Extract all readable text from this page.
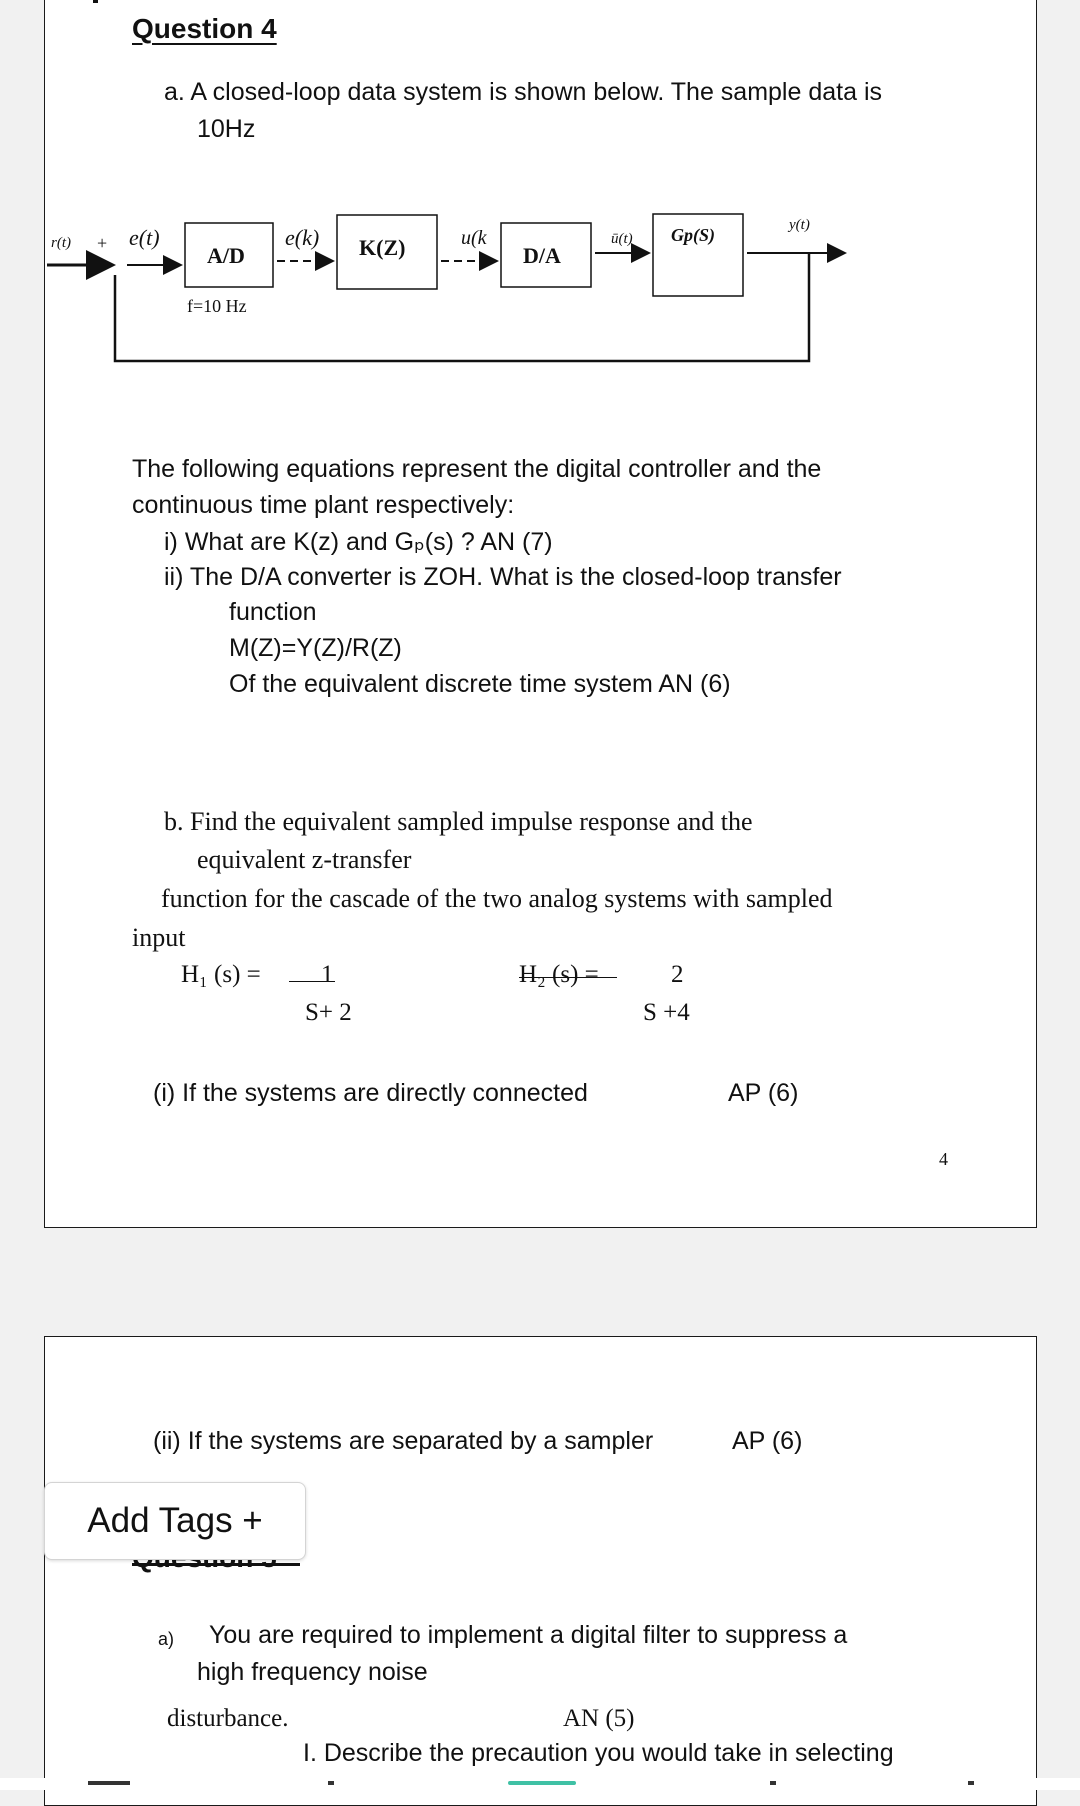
Question 4
a. A closed-loop data system is shown below. The sample data is
10Hz
r(t) + e(t)
A/D
f=10 Hz
e(k) K(Z)	u(k
D/A
ū(t) Gp(S)	y(t)
The following equations represent the digital controller and the
continuous time plant respectively:
i) What are K(z) and Gₚ(s) ? AN (7)
ii) The D/A converter is ZOH. What is the closed-loop transfer
function
M(Z)=Y(Z)/R(Z)
Of the equivalent discrete time system AN (6)
b. Find the equivalent sampled impulse response and the
equivalent z-transfer
function for the cascade of the two analog systems with sampled
input
H₁ (s) = 1
S+ 2
H₂ (s) =	2
S +4
(i) If the systems are directly connected	AP (6)
4
(ii) If the systems are separated by a sampler	AP (6)
a) You are required to implement a digital filter to suppress a
high frequency noise
disturbance.	AN (5)
I. Describe the precaution you would take in selecting
Add Tags +
